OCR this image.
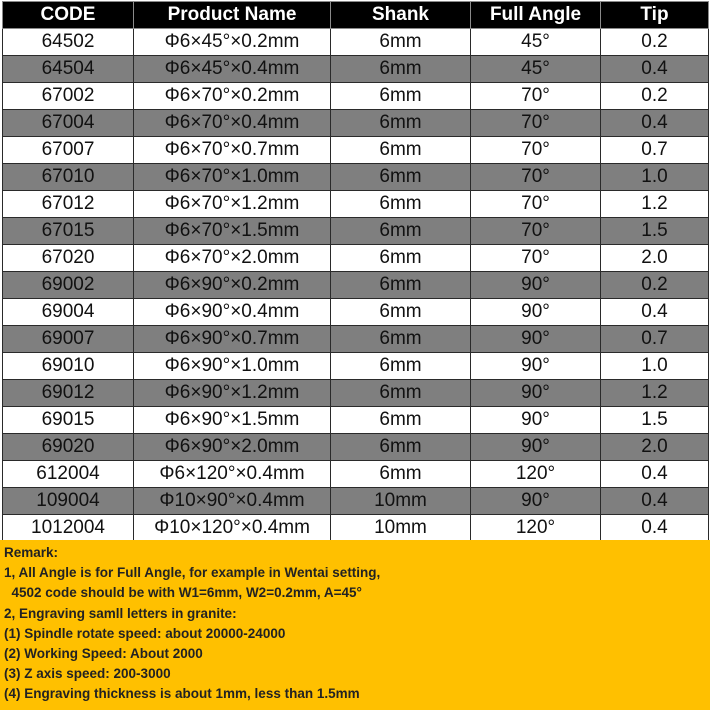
CODE	Product Name	Shank	Full Angle	Tip
64502	Φ6×45°×0.2mm	6mm	45°	0.2
64504	Φ6×45°×0.4mm	6mm	45°	0.4
67002	Φ6×70°×0.2mm	6mm	70°	0.2
67004	Φ6×70°×0.4mm	6mm	70°	0.4
67007	Φ6×70°×0.7mm	6mm	70°	0.7
67010	Φ6×70°×1.0mm	6mm	70°	1.0
67012	Φ6×70°×1.2mm	6mm	70°	1.2
67015	Φ6×70°×1.5mm	6mm	70°	1.5
67020	Φ6×70°×2.0mm	6mm	70°	2.0
69002	Φ6×90°×0.2mm	6mm	90°	0.2
69004	Φ6×90°×0.4mm	6mm	90°	0.4
69007	Φ6×90°×0.7mm	6mm	90°	0.7
69010	Φ6×90°×1.0mm	6mm	90°	1.0
69012	Φ6×90°×1.2mm	6mm	90°	1.2
69015	Φ6×90°×1.5mm	6mm	90°	1.5
69020	Φ6×90°×2.0mm	6mm	90°	2.0
612004	Φ6×120°×0.4mm	6mm	120°	0.4
109004	Φ10×90°×0.4mm	10mm	90°	0.4
1012004	Φ10×120°×0.4mm	10mm	120°	0.4
Remark:
1, All Angle is for Full Angle, for example in Wentai setting,
4502 code should be with W1=6mm, W2=0.2mm, A=45°
2, Engraving samll letters in granite:
(1) Spindle rotate speed: about 20000-24000
(2) Working Speed: About 2000
(3) Z axis speed: 200-3000
(4) Engraving thickness is about 1mm, less than 1.5mm
